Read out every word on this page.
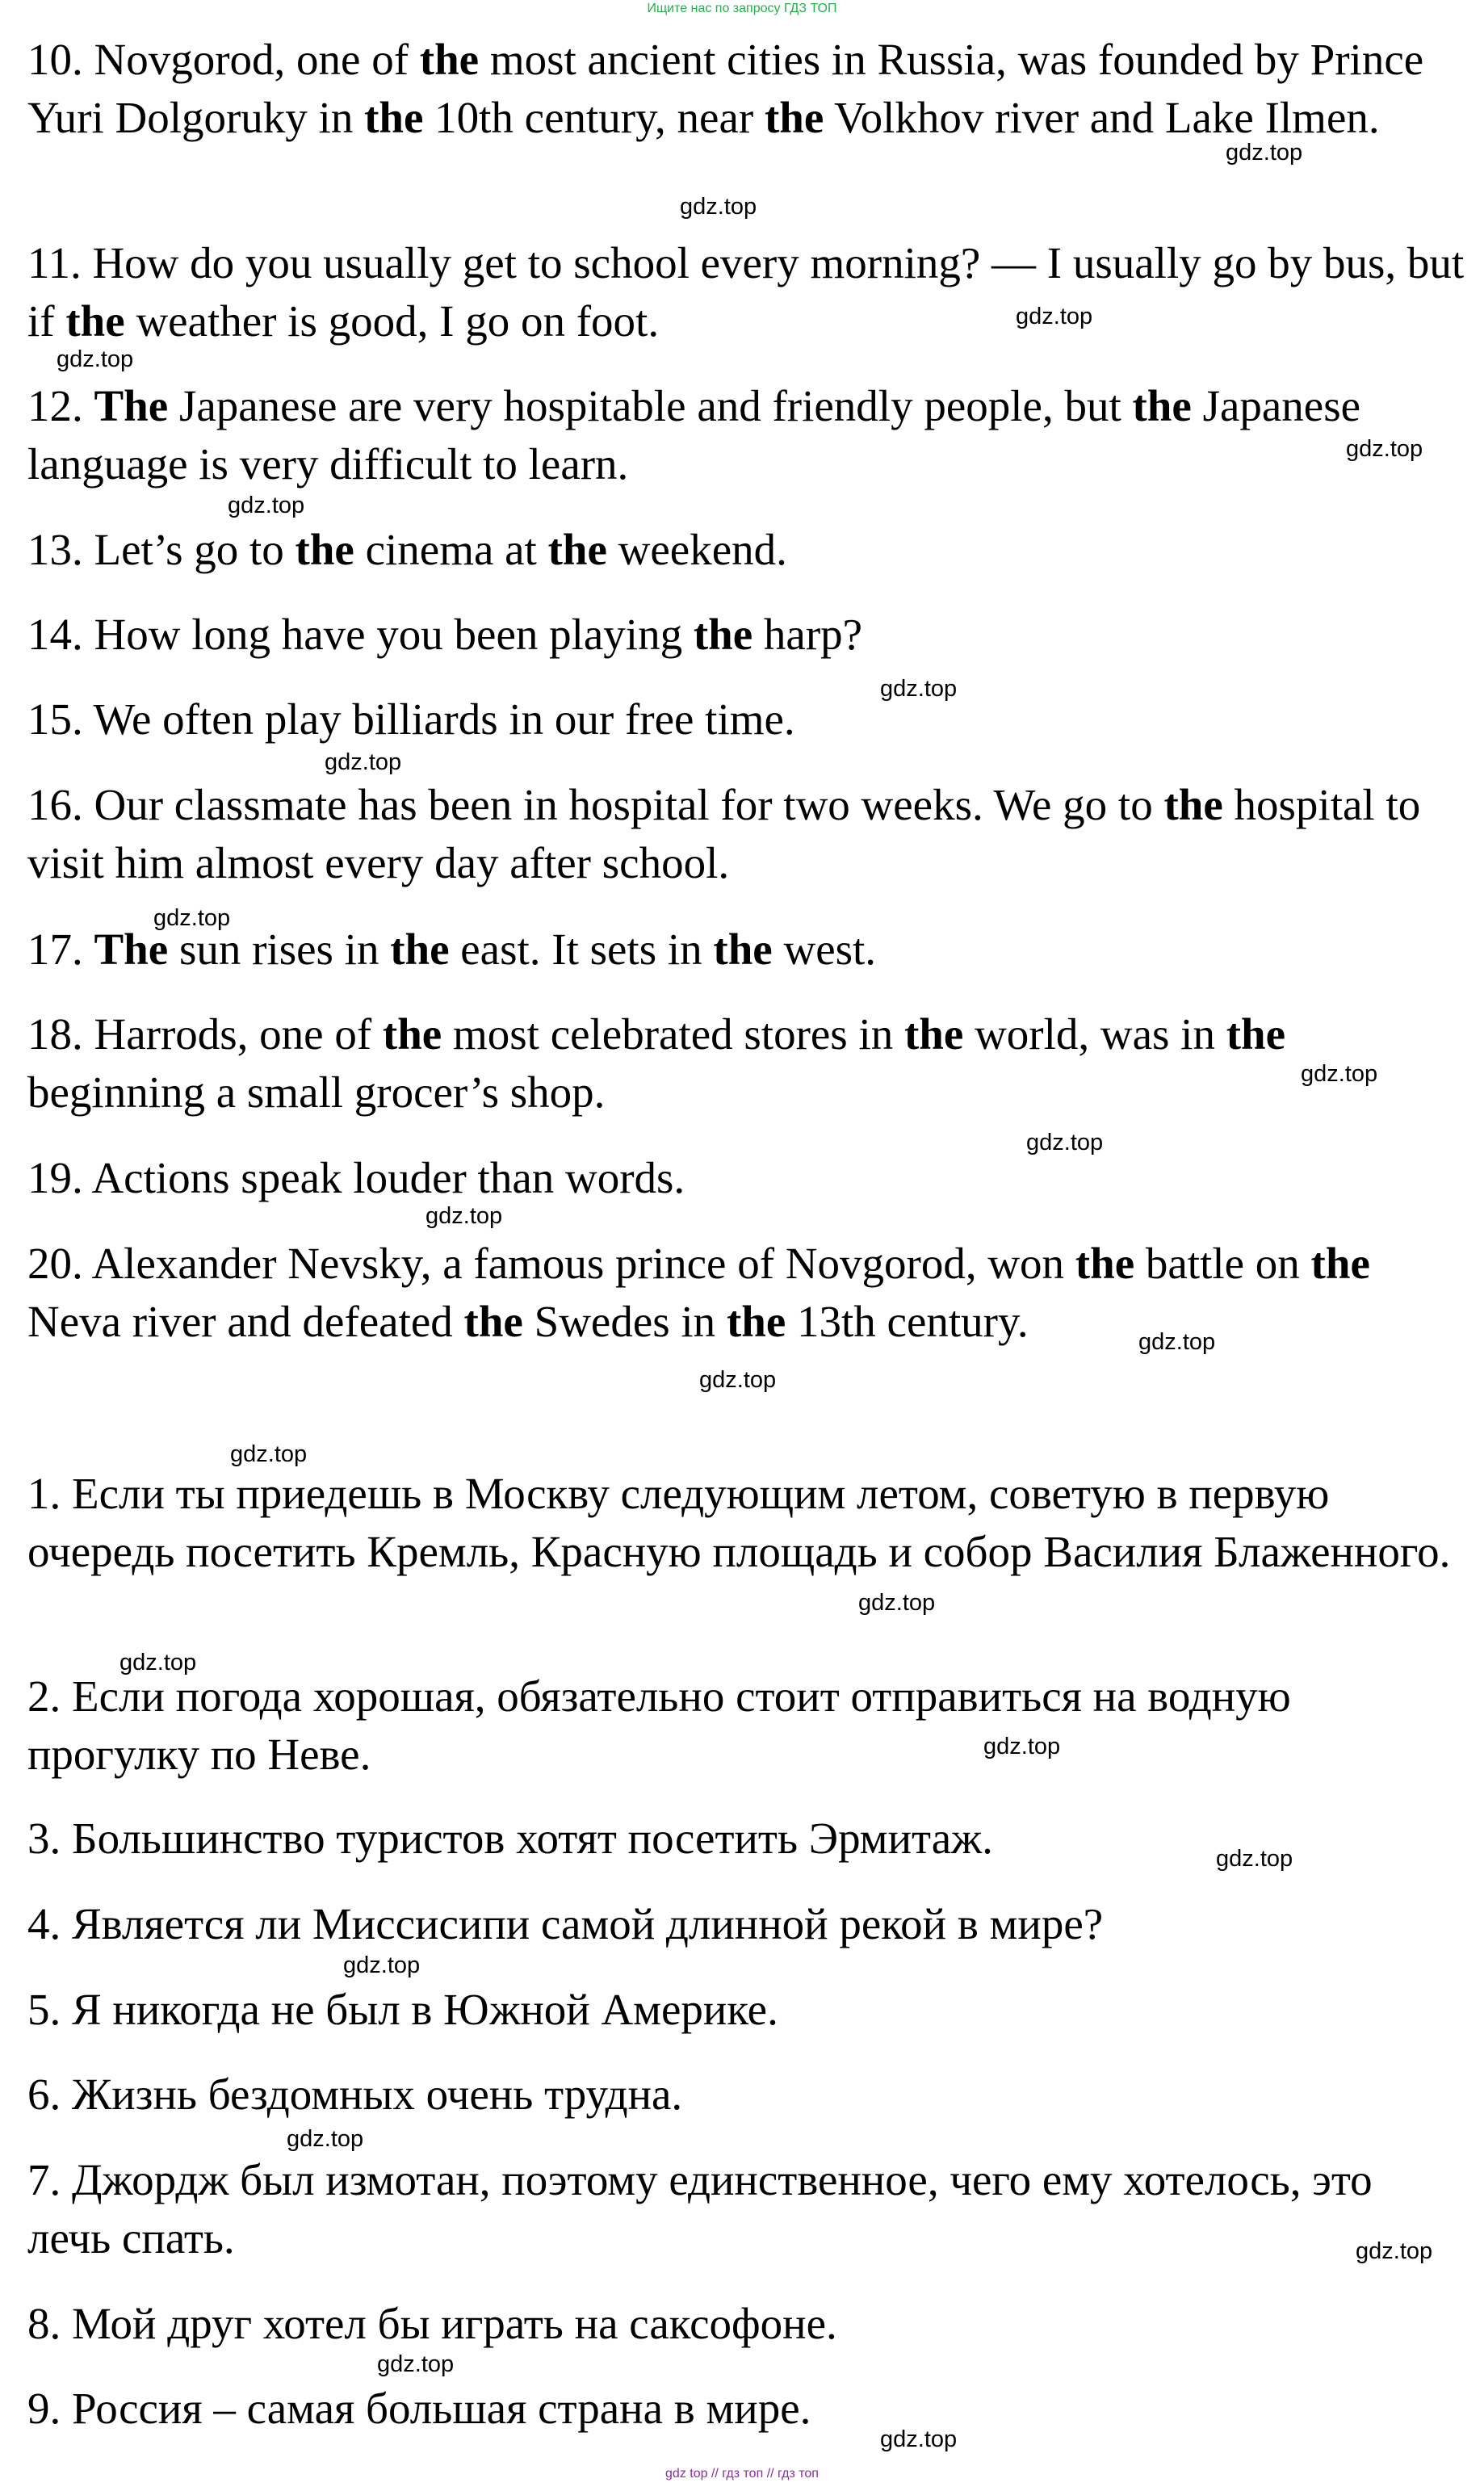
Ищите нас по запросу ГДЗ ТОП
10. Novgorod, one of the most ancient cities in Russia, was founded by Prince Yuri Dolgoruky in the 10th century, near the Volkhov river and Lake Ilmen.
11. How do you usually get to school every morning? — I usually go by bus, but if the weather is good, I go on foot.
12. The Japanese are very hospitable and friendly people, but the Japanese language is very difficult to learn.
13. Let’s go to the cinema at the weekend.
14. How long have you been playing the harp?
15. We often play billiards in our free time.
16. Our classmate has been in hospital for two weeks. We go to the hospital to visit him almost every day after school.
17. The sun rises in the east. It sets in the west.
18. Harrods, one of the most celebrated stores in the world, was in the beginning a small grocer’s shop.
19. Actions speak louder than words.
20. Alexander Nevsky, a famous prince of Novgorod, won the battle on the Neva river and defeated the Swedes in the 13th century.
1. Если ты приедешь в Москву следующим летом, советую в первую очередь посетить Кремль, Красную площадь и собор Василия Блаженного.
2. Если погода хорошая, обязательно стоит отправиться на водную прогулку по Неве.
3. Большинство туристов хотят посетить Эрмитаж.
4. Является ли Миссисипи самой длинной рекой в мире?
5. Я никогда не был в Южной Америке.
6. Жизнь бездомных очень трудна.
7. Джордж был измотан, поэтому единственное, чего ему хотелось, это лечь спать.
8. Мой друг хотел бы играть на саксофоне.
9. Россия – самая большая страна в мире.
gdz.top
gdz.top
gdz.top
gdz.top
gdz.top
gdz.top
gdz.top
gdz.top
gdz.top
gdz.top
gdz.top
gdz.top
gdz.top
gdz.top
gdz.top
gdz.top
gdz.top
gdz.top
gdz.top
gdz.top
gdz.top
gdz.top
gdz.top
gdz.top
gdz top // гдз топ // гдз топ
